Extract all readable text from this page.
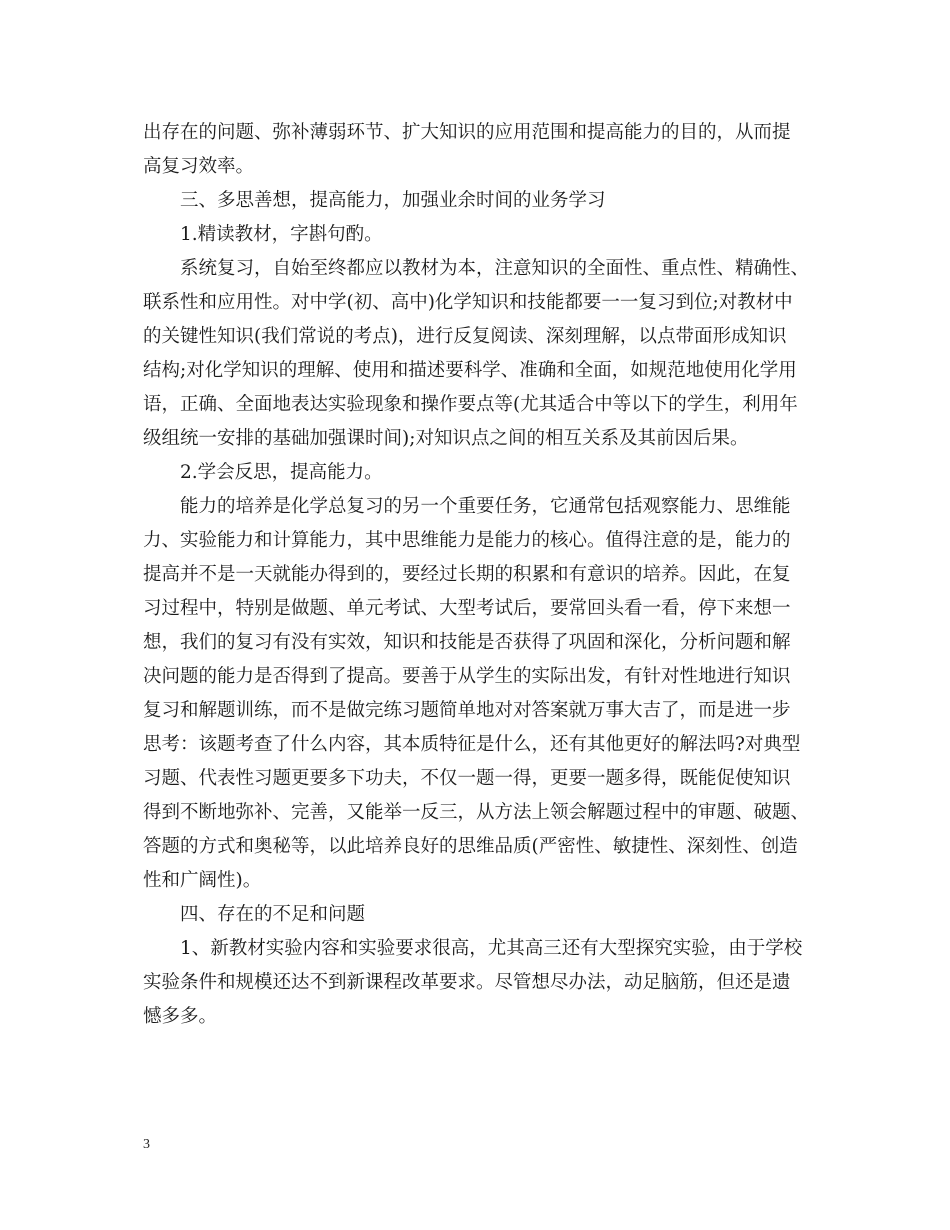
出存在的问题、弥补薄弱环节、扩大知识的应用范围和提高能力的目的，从而提
高复习效率。

三、多思善想，提高能力，加强业余时间的业务学习

1.精读教材，字斟句酌。

系统复习，自始至终都应以教材为本，注意知识的全面性、重点性、精确性、
联系性和应用性。对中学(初、高中)化学知识和技能都要一一复习到位;对教材中
的关键性知识(我们常说的考点)，进行反复阅读、深刻理解，以点带面形成知识
结构;对化学知识的理解、使用和描述要科学、准确和全面，如规范地使用化学用
语，正确、全面地表达实验现象和操作要点等(尤其适合中等以下的学生，利用年
级组统一安排的基础加强课时间);对知识点之间的相互关系及其前因后果。

2.学会反思，提高能力。

能力的培养是化学总复习的另一个重要任务，它通常包括观察能力、思维能
力、实验能力和计算能力，其中思维能力是能力的核心。值得注意的是，能力的
提高并不是一天就能办得到的，要经过长期的积累和有意识的培养。因此，在复
习过程中，特别是做题、单元考试、大型考试后，要常回头看一看，停下来想一
想，我们的复习有没有实效，知识和技能是否获得了巩固和深化，分析问题和解
决问题的能力是否得到了提高。要善于从学生的实际出发，有针对性地进行知识
复习和解题训练，而不是做完练习题简单地对对答案就万事大吉了，而是进一步
思考：该题考查了什么内容，其本质特征是什么，还有其他更好的解法吗?对典型
习题、代表性习题更要多下功夫，不仅一题一得，更要一题多得，既能促使知识
得到不断地弥补、完善，又能举一反三，从方法上领会解题过程中的审题、破题、
答题的方式和奥秘等，以此培养良好的思维品质(严密性、敏捷性、深刻性、创造
性和广阔性)。

四、存在的不足和问题

1、新教材实验内容和实验要求很高，尤其高三还有大型探究实验，由于学校
实验条件和规模还达不到新课程改革要求。尽管想尽办法，动足脑筋，但还是遗
憾多多。

3
